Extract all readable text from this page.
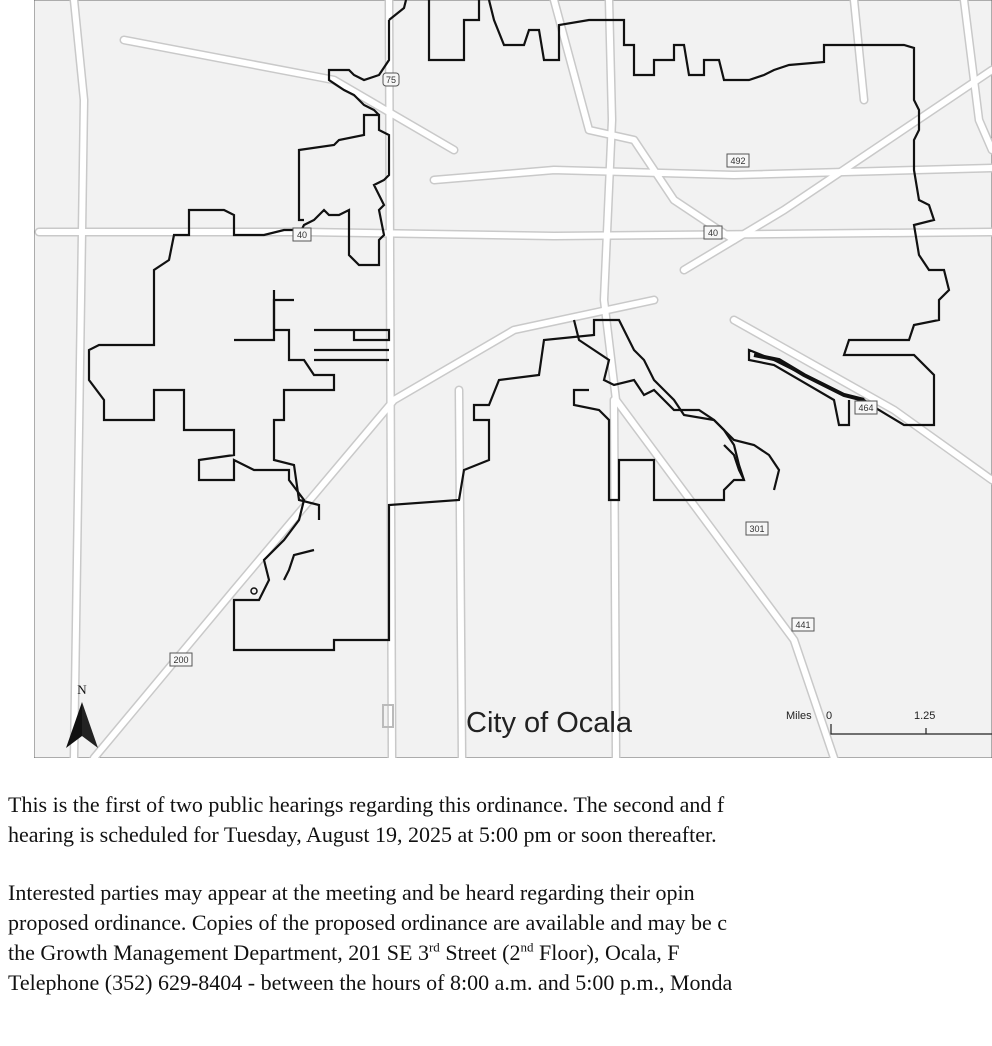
75
492
40	40
464
301
441
200
N
City of Ocala	Miles 0	1.25

This is the first of two public hearings regarding this ordinance. The second and f
hearing is scheduled for Tuesday, August 19, 2025 at 5:00 pm or soon thereafter.

Interested parties may appear at the meeting and be heard regarding their opin
proposed ordinance. Copies of the proposed ordinance are available and may be c
the Growth Management Department, 201 SE 3rd Street (2nd Floor), Ocala, F
Telephone (352) 629-8404 - between the hours of 8:00 a.m. and 5:00 p.m., Monda
